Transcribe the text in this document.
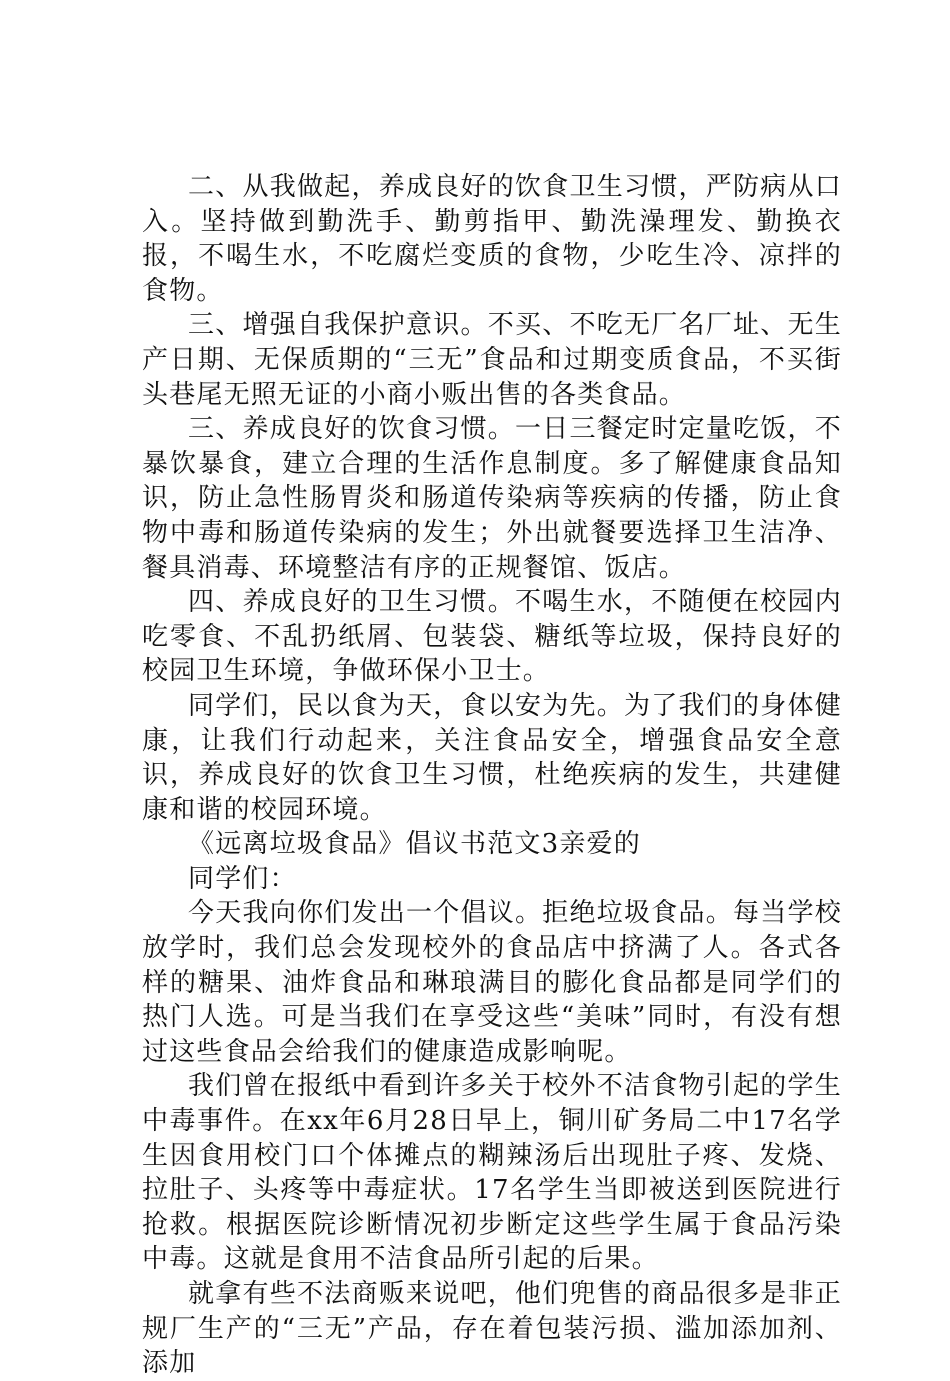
二、从我做起，养成良好的饮食卫生习惯，严防病从口入。坚持做到勤洗手、勤剪指甲、勤洗澡理发、勤换衣报，不喝生水，不吃腐烂变质的食物，少吃生冷、凉拌的食物。

三、增强自我保护意识。不买、不吃无厂名厂址、无生产日期、无保质期的“三无”食品和过期变质食品，不买街头巷尾无照无证的小商小贩出售的各类食品。

三、养成良好的饮食习惯。一日三餐定时定量吃饭，不暴饮暴食，建立合理的生活作息制度。多了解健康食品知识，防止急性肠胃炎和肠道传染病等疾病的传播，防止食物中毒和肠道传染病的发生；外出就餐要选择卫生洁净、餐具消毒、环境整洁有序的正规餐馆、饭店。

四、养成良好的卫生习惯。不喝生水，不随便在校园内吃零食、不乱扔纸屑、包装袋、糖纸等垃圾，保持良好的校园卫生环境，争做环保小卫士。

同学们，民以食为天，食以安为先。为了我们的身体健康，让我们行动起来，关注食品安全，增强食品安全意识，养成良好的饮食卫生习惯，杜绝疾病的发生，共建健康和谐的校园环境。

《远离垃圾食品》倡议书范文3亲爱的

同学们：

今天我向你们发出一个倡议。拒绝垃圾食品。每当学校放学时，我们总会发现校外的食品店中挤满了人。各式各样的糖果、油炸食品和琳琅满目的膨化食品都是同学们的热门人选。可是当我们在享受这些“美味”同时，有没有想过这些食品会给我们的健康造成影响呢。

我们曾在报纸中看到许多关于校外不洁食物引起的学生中毒事件。在xx年6月28日早上，铜川矿务局二中17名学生因食用校门口个体摊点的糊辣汤后出现肚子疼、发烧、拉肚子、头疼等中毒症状。17名学生当即被送到医院进行抢救。根据医院诊断情况初步断定这些学生属于食品污染中毒。这就是食用不洁食品所引起的后果。

就拿有些不法商贩来说吧，他们兜售的商品很多是非正规厂生产的“三无”产品，存在着包装污损、滥加添加剂、添加
